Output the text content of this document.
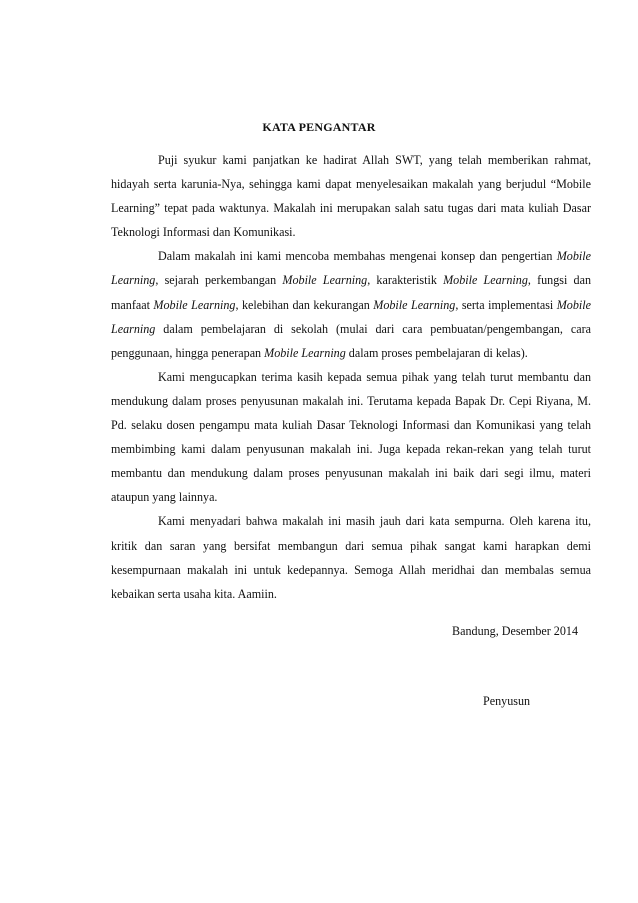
KATA PENGANTAR

Puji syukur kami panjatkan ke hadirat Allah SWT, yang telah memberikan rahmat, hidayah serta karunia-Nya, sehingga kami dapat menyelesaikan makalah yang berjudul “Mobile Learning” tepat pada waktunya. Makalah ini merupakan salah satu tugas dari mata kuliah Dasar Teknologi Informasi dan Komunikasi.

Dalam makalah ini kami mencoba membahas mengenai konsep dan pengertian Mobile Learning, sejarah perkembangan Mobile Learning, karakteristik Mobile Learning, fungsi dan manfaat Mobile Learning, kelebihan dan kekurangan Mobile Learning, serta implementasi Mobile Learning dalam pembelajaran di sekolah (mulai dari cara pembuatan/pengembangan, cara penggunaan, hingga penerapan Mobile Learning dalam proses pembelajaran di kelas).

Kami mengucapkan terima kasih kepada semua pihak yang telah turut membantu dan mendukung dalam proses penyusunan makalah ini. Terutama kepada Bapak Dr. Cepi Riyana, M. Pd. selaku dosen pengampu mata kuliah Dasar Teknologi Informasi dan Komunikasi yang telah membimbing kami dalam penyusunan makalah ini. Juga kepada rekan-rekan yang telah turut membantu dan mendukung dalam proses penyusunan makalah ini baik dari segi ilmu, materi ataupun yang lainnya.

Kami menyadari bahwa makalah ini masih jauh dari kata sempurna. Oleh karena itu, kritik dan saran yang bersifat membangun dari semua pihak sangat kami harapkan demi kesempurnaan makalah ini untuk kedepannya. Semoga Allah meridhai dan membalas semua kebaikan serta usaha kita. Aamiin.

Bandung, Desember 2014
Penyusun
